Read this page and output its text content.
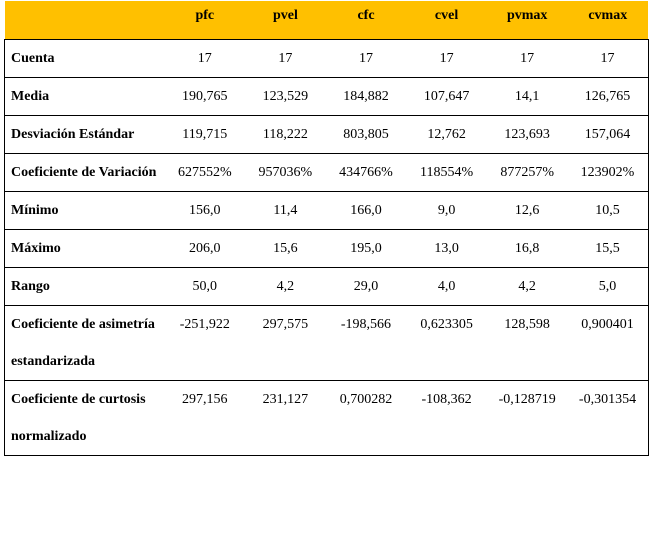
	pfc	pvel	cfc	cvel	pvmax	cvmax
Cuenta	17	17	17	17	17	17
Media	190,765	123,529	184,882	107,647	14,1	126,765
Desviación Estándar	119,715	118,222	803,805	12,762	123,693	157,064
Coeficiente de Variación	627552%	957036%	434766%	118554%	877257%	123902%
Mínimo	156,0	11,4	166,0	9,0	12,6	10,5
Máximo	206,0	15,6	195,0	13,0	16,8	15,5
Rango	50,0	4,2	29,0	4,0	4,2	5,0
Coeficiente de asimetría estandarizada	-251,922	297,575	-198,566	0,623305	128,598	0,900401
Coeficiente de curtosis normalizado	297,156	231,127	0,700282	-108,362	-0,128719	-0,301354
